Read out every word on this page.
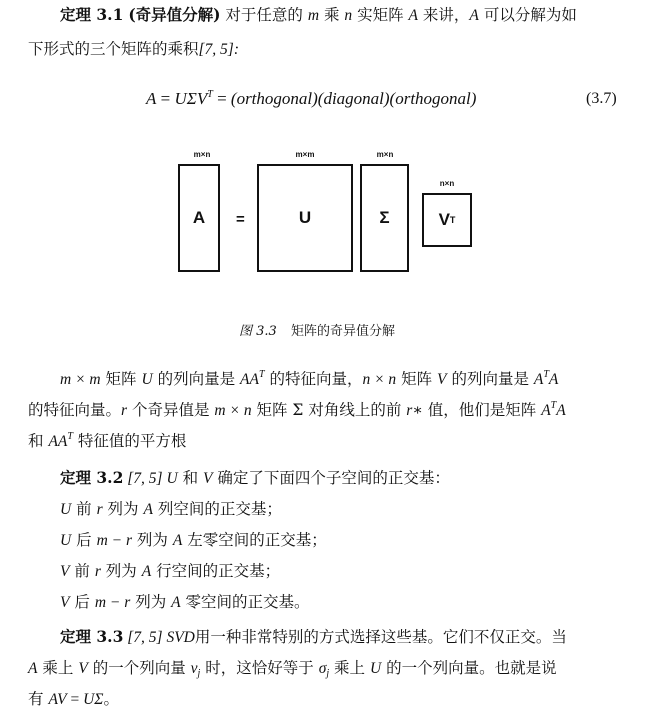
定理 3.1 (奇异值分解) 对于任意的 m 乘 n 实矩阵 A 来讲，A 可以分解为如
下形式的三个矩阵的乘积[7, 5]:
$A = U\Sigma V^T$ = (orthogonal)(diagonal)(orthogonal)	(3.7)
m×n	m×m	m×n
n×n
A =	U	Σ	V T
图 3.3 矩阵的奇异值分解
m × m 矩阵 U 的列向量是 $AA^T$ 的特征向量，n × n 矩阵 V 的列向量是 $A^TA$
的特征向量。r 个奇异值是 m × n 矩阵 Σ 对角线上的前 r∗ 值，他们是矩阵 $A^TA$
和 $AA^T$ 特征值的平方根
定理 3.2 [7, 5] U 和 V 确定了下面四个子空间的正交基：
U 前 r 列为 A 列空间的正交基；
U 后 m − r 列为 A 左零空间的正交基；
V 前 r 列为 A 行空间的正交基；
V 后 m − r 列为 A 零空间的正交基。
定理 3.3 [7, 5] SVD用一种非常特别的方式选择这些基。它们不仅正交。当
A 乘上 V 的一个列向量 $v_j$ 时，这恰好等于 $\sigma_j$ 乘上 U 的一个列向量。也就是说
有 AV = UΣ。
